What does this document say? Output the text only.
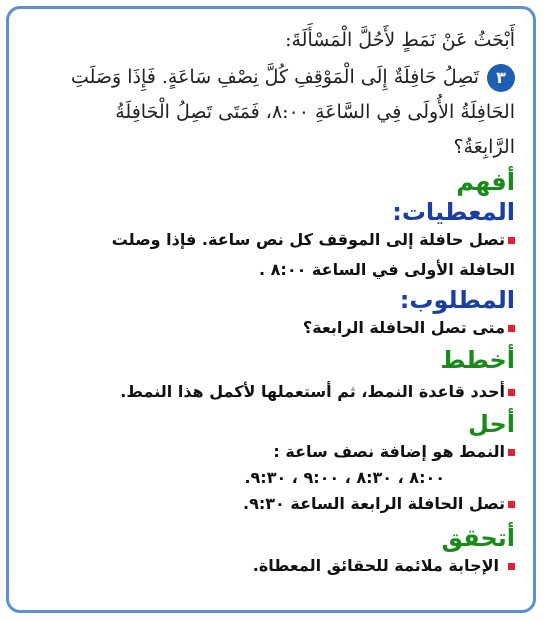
أَبْحَثُ عَنْ نَمَطٍ لأَحُلَّ الْمَسْأَلَةَ:
٣تَصِلُ حَافِلَةٌ إِلَى الْمَوْقِفِ كُلَّ نِصْفِ سَاعَةٍ. فَإِذَا وَصَلَتِ
الحَافِلَةُ الأُولَى فِي السَّاعَةِ ٨:٠٠، فَمَتَى تَصِلُ الْحَافِلَةُ
الرَّابِعَةُ؟
أفهم
المعطيات:
تصل حافلة إلى الموقف كل نص ساعة. فإذا وصلت
الحافلة الأولى في الساعة ٨:٠٠ .
المطلوب:
متى تصل الحافلة الرابعة؟
أخطط
أحدد قاعدة النمط، ثم أستعملها لأكمل هذا النمط.
أحل
النمط هو إضافة نصف ساعة :
٨:٠٠ ، ٨:٣٠ ، ٩:٠٠ ، ٩:٣٠.
تصل الحافلة الرابعة الساعة ٩:٣٠.
أتحقق
الإجابة ملائمة للحقائق المعطاة.
